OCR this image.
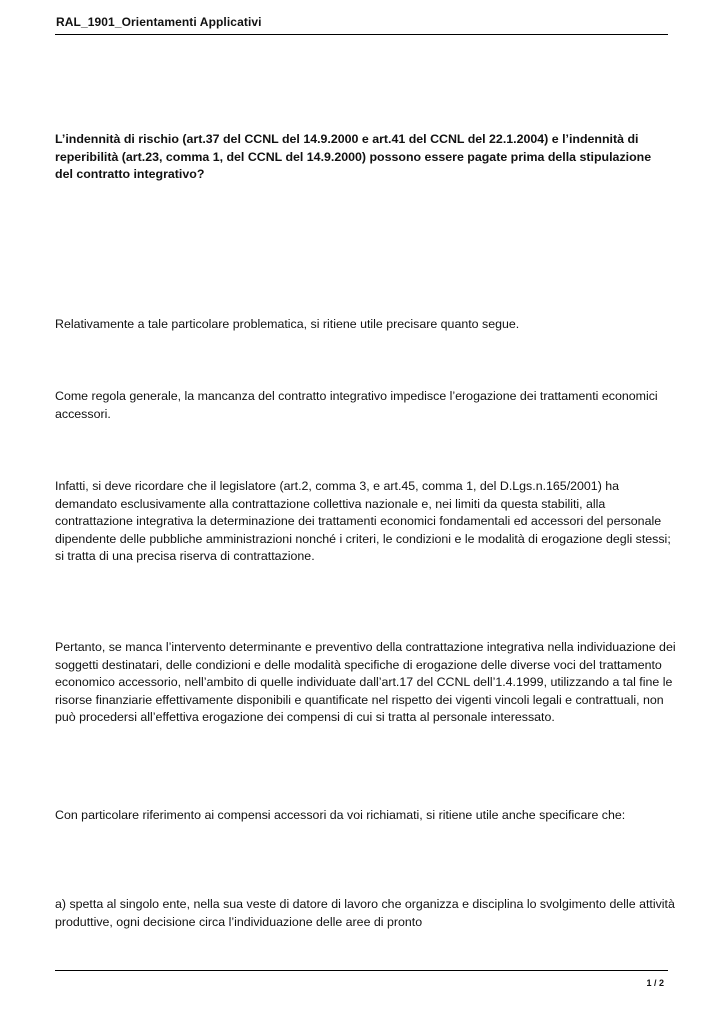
RAL_1901_Orientamenti Applicativi
L’indennità di rischio (art.37 del CCNL del 14.9.2000 e art.41 del CCNL del 22.1.2004) e l’indennità di reperibilità (art.23, comma 1, del CCNL del 14.9.2000) possono essere pagate prima della stipulazione del contratto integrativo?
Relativamente a tale particolare problematica, si ritiene utile precisare quanto segue.
Come regola generale, la mancanza del contratto integrativo impedisce l’erogazione dei trattamenti economici accessori.
Infatti, si deve ricordare che il legislatore (art.2, comma 3, e art.45, comma 1, del D.Lgs.n.165/2001) ha demandato esclusivamente alla contrattazione collettiva nazionale e, nei limiti da questa stabiliti, alla contrattazione integrativa la determinazione dei trattamenti economici fondamentali ed accessori del personale dipendente delle pubbliche amministrazioni nonché i criteri, le condizioni e le modalità di erogazione degli stessi; si tratta di una precisa riserva di contrattazione.
Pertanto, se manca l’intervento determinante e preventivo della contrattazione integrativa nella individuazione dei soggetti destinatari, delle condizioni e delle modalità specifiche di erogazione delle diverse voci del trattamento economico accessorio, nell’ambito di quelle individuate dall’art.17 del CCNL dell’1.4.1999, utilizzando a tal fine le risorse finanziarie effettivamente disponibili e quantificate nel rispetto dei vigenti vincoli legali e contrattuali, non può procedersi all’effettiva erogazione dei compensi di cui si tratta al personale interessato.
Con particolare riferimento ai compensi accessori da voi richiamati, si ritiene utile anche specificare che:
a) spetta al singolo ente, nella sua veste di datore di lavoro che organizza e disciplina lo svolgimento delle attività produttive, ogni decisione circa l’individuazione delle aree di pronto
1 / 2
